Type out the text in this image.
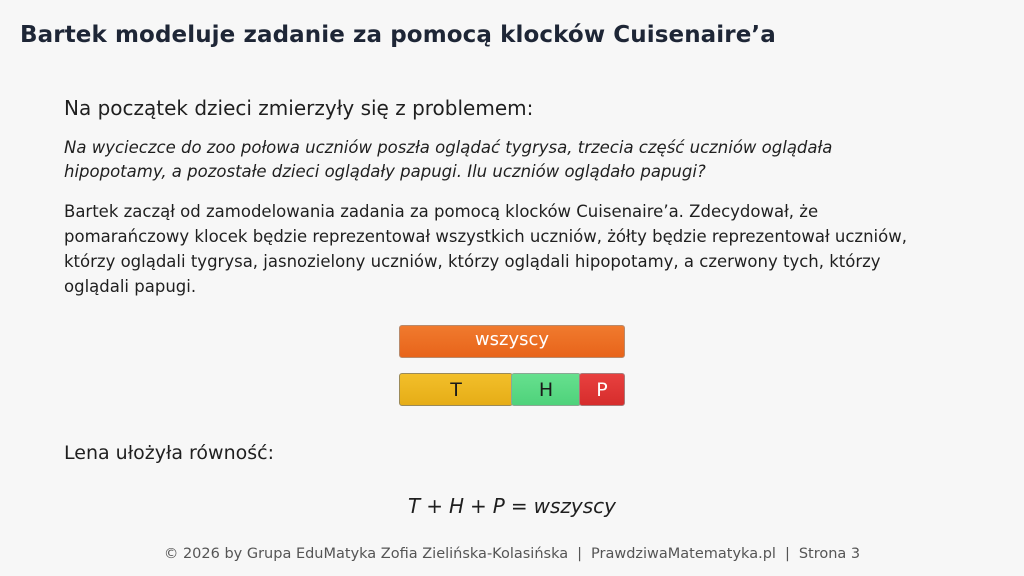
Bartek modeluje zadanie za pomocą klocków Cuisenaire’a
Na początek dzieci zmierzyły się z problemem:
Na wycieczce do zoo połowa uczniów poszła oglądać tygrysa, trzecia część uczniów oglądała
hipopotamy, a pozostałe dzieci oglądały papugi. Ilu uczniów oglądało papugi?
Bartek zaczął od zamodelowania zadania za pomocą klocków Cuisenaire’a. Zdecydował, że
pomarańczowy klocek będzie reprezentował wszystkich uczniów, żółty będzie reprezentował uczniów,
którzy oglądali tygrysa, jasnozielony uczniów, którzy oglądali hipopotamy, a czerwony tych, którzy
oglądali papugi.
wszyscy
T	H P
Lena ułożyła równość:
T + H + P = wszyscy
© 2026 by Grupa EduMatyka Zofia Zielińska-Kolasińska | PrawdziwaMatematyka.pl | Strona 3
